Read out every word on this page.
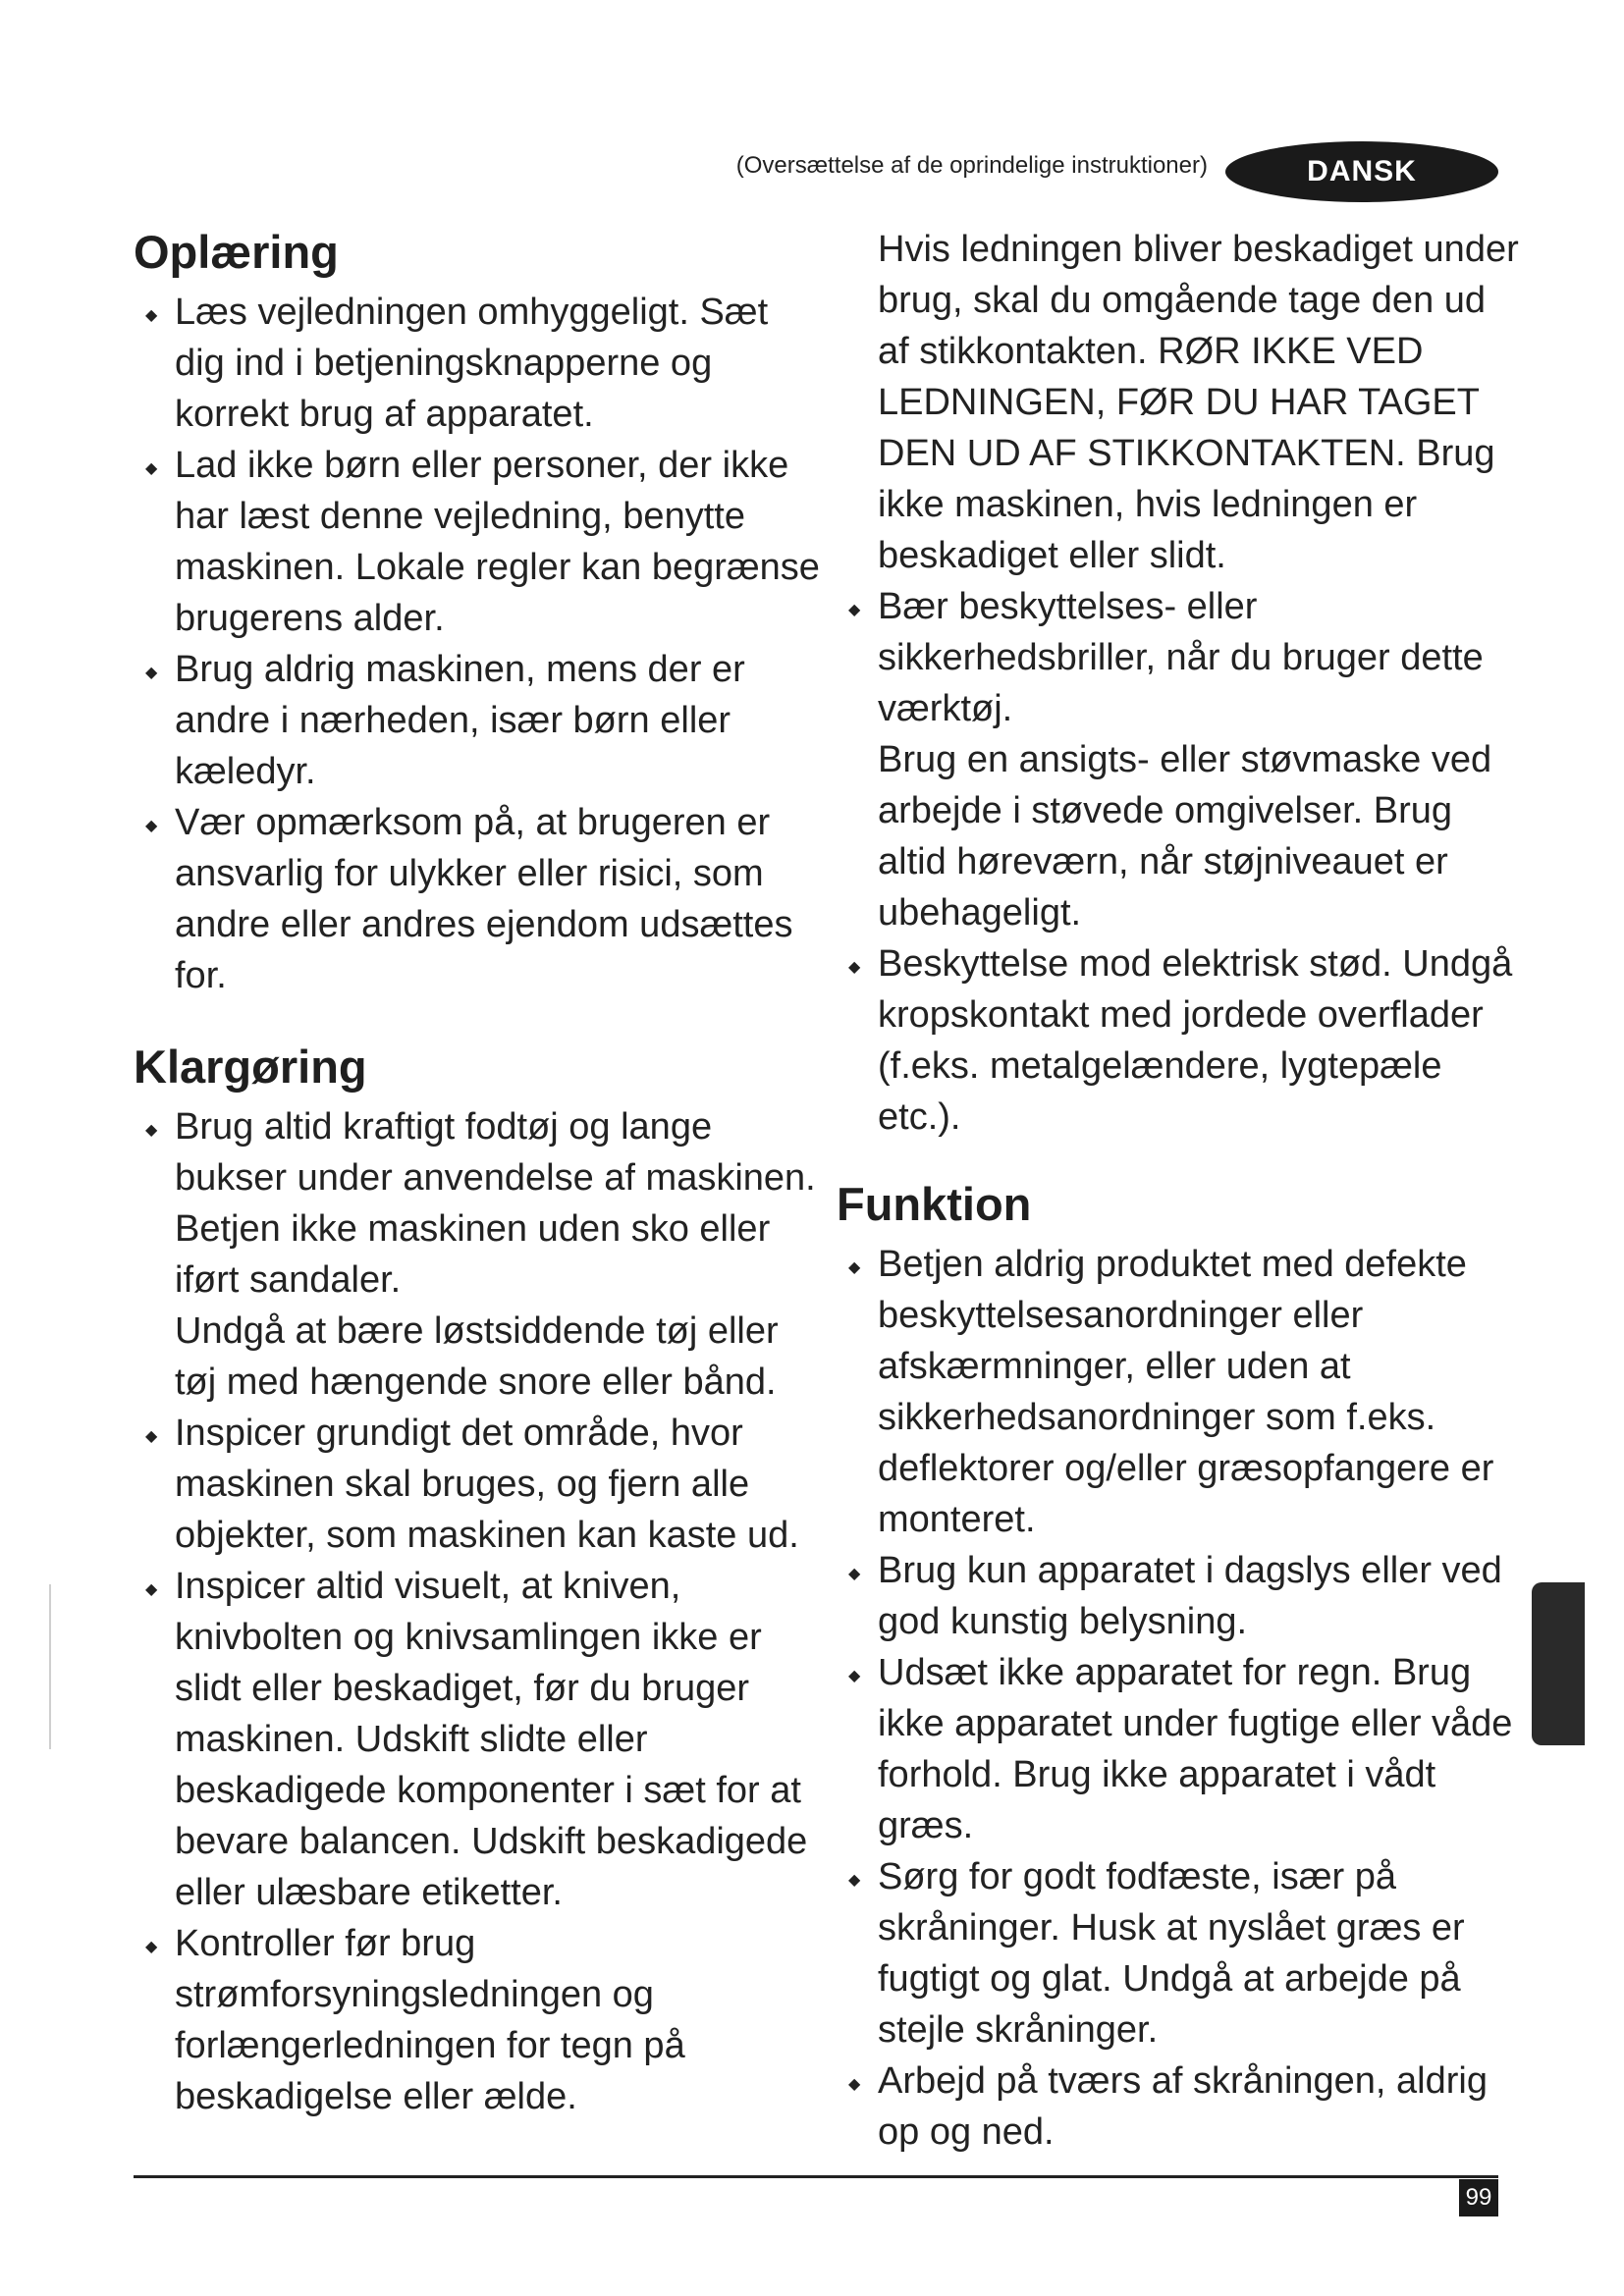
(Oversættelse af de oprindelige instruktioner)	DANSK
Oplæring
◆ Læs vejledningen omhyggeligt. Sæt dig ind i betjeningsknapperne og korrekt brug af apparatet.
◆ Lad ikke børn eller personer, der ikke har læst denne vejledning, benytte maskinen. Lokale regler kan begrænse brugerens alder.
◆ Brug aldrig maskinen, mens der er andre i nærheden, især børn eller kæledyr.
◆ Vær opmærksom på, at brugeren er ansvarlig for ulykker eller risici, som andre eller andres ejendom udsættes for.
Klargøring
◆ Brug altid kraftigt fodtøj og lange bukser under anvendelse af maskinen. Betjen ikke maskinen uden sko eller iført sandaler.
Undgå at bære løstsiddende tøj eller tøj med hængende snore eller bånd.
◆ Inspicer grundigt det område, hvor maskinen skal bruges, og fjern alle objekter, som maskinen kan kaste ud.
◆ Inspicer altid visuelt, at kniven, knivbolten og knivsamlingen ikke er slidt eller beskadiget, før du bruger maskinen. Udskift slidte eller beskadigede komponenter i sæt for at bevare balancen. Udskift beskadigede eller ulæsbare etiketter.
◆ Kontroller før brug strømforsyningsledningen og forlængerledningen for tegn på beskadigelse eller ælde.
Hvis ledningen bliver beskadiget under brug, skal du omgående tage den ud af stikkontakten. RØR IKKE VED LEDNINGEN, FØR DU HAR TAGET DEN UD AF STIKKONTAKTEN. Brug ikke maskinen, hvis ledningen er beskadiget eller slidt.
◆ Bær beskyttelses- eller sikkerhedsbriller, når du bruger dette værktøj.
Brug en ansigts- eller støvmaske ved arbejde i støvede omgivelser. Brug altid høreværn, når støjniveauet er ubehageligt.
◆ Beskyttelse mod elektrisk stød. Undgå kropskontakt med jordede overflader (f.eks. metalgelændere, lygtepæle etc.).
Funktion
◆ Betjen aldrig produktet med defekte beskyttelsesanordninger eller afskærmninger, eller uden at sikkerhedsanordninger som f.eks. deflektorer og/eller græsopfangere er monteret.
◆ Brug kun apparatet i dagslys eller ved god kunstig belysning.
◆ Udsæt ikke apparatet for regn. Brug ikke apparatet under fugtige eller våde forhold. Brug ikke apparatet i vådt græs.
◆ Sørg for godt fodfæste, især på skråninger. Husk at nyslået græs er fugtigt og glat. Undgå at arbejde på stejle skråninger.
◆ Arbejd på tværs af skråningen, aldrig op og ned.
99
